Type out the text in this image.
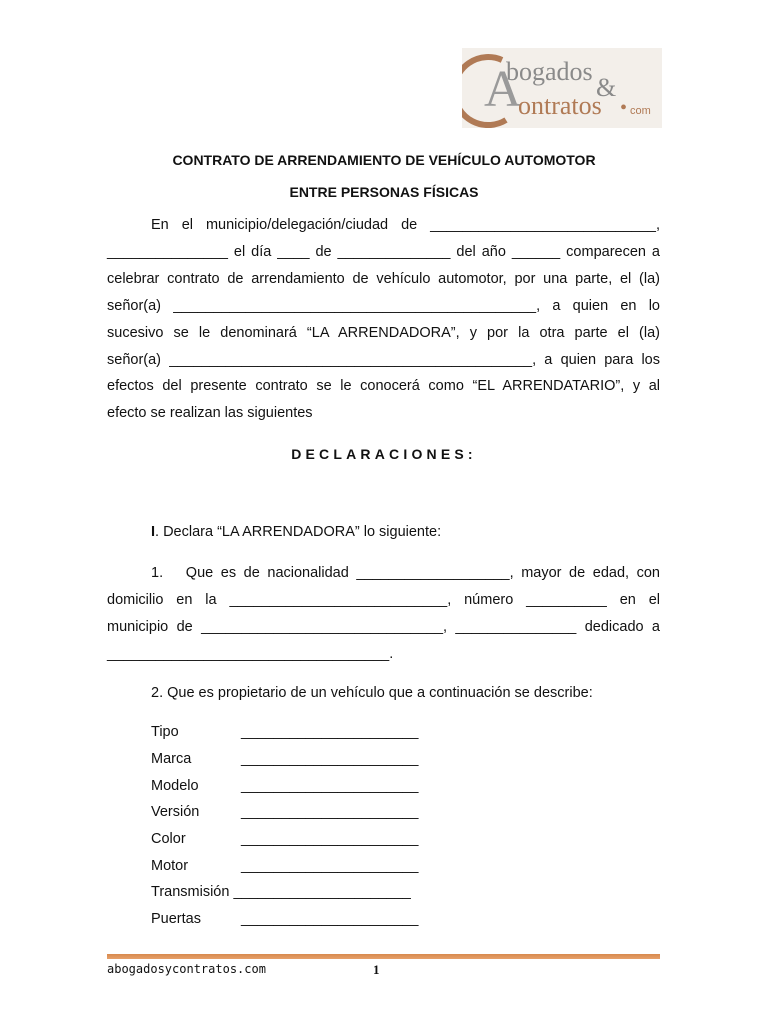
A
bogados
&
ontratos • com
CONTRATO DE ARRENDAMIENTO DE VEHÍCULO AUTOMOTOR
ENTRE PERSONAS FÍSICAS
En el municipio/delegación/ciudad de ____________________________,
_______________ el día ____ de ______________ del año ______ comparecen a
celebrar contrato de arrendamiento de vehículo automotor, por una parte, el (la)
señor(a) _____________________________________________, a quien en lo
sucesivo se le denominará “LA ARRENDADORA”, y por la otra parte el (la)
señor(a) _____________________________________________, a quien para los
efectos del presente contrato se le conocerá como “EL ARRENDATARIO”, y al
efecto se realizan las siguientes
DECLARACIONES:
I. Declara “LA ARRENDADORA” lo siguiente:
1.   Que es de nacionalidad ___________________, mayor de edad, con
domicilio en la ___________________________, número __________ en el
municipio de ______________________________, _______________ dedicado a
___________________________________.
2. Que es propietario de un vehículo que a continuación se describe:
Tipo	______________________
Marca	______________________
Modelo	______________________
Versión	______________________
Color	______________________
Motor	______________________
Transmisión ______________________
Puertas	______________________
abogadosycontratos.com	1
